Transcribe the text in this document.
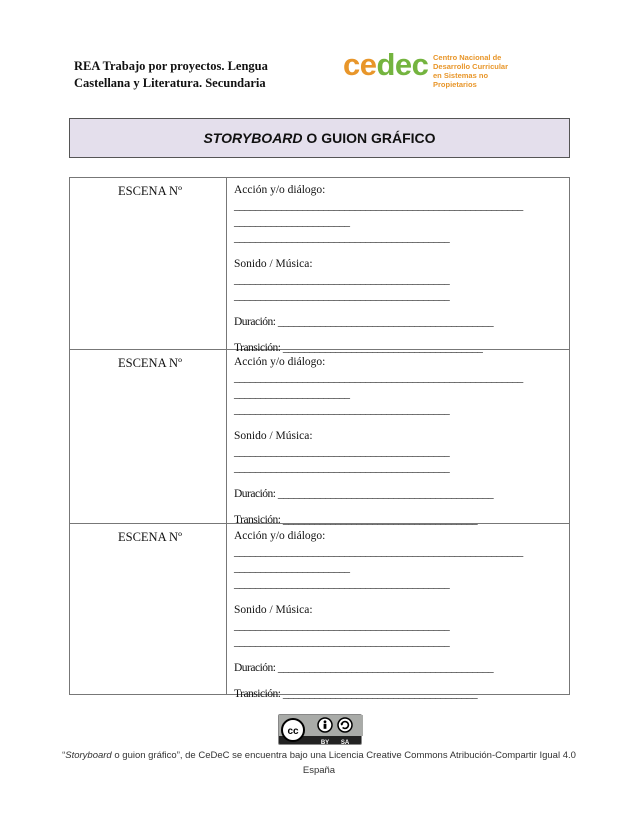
REA Trabajo por proyectos. Lengua Castellana y Literatura. Secundaria
cedec Centro Nacional de
Desarrollo Curricular
en Sistemas no Propietarios
STORYBOARD O GUION GRÁFICO
ESCENA Nº	Acción y/o diálogo:
_______________________________________________________
______________________
_________________________________________
Sonido / Música:
_________________________________________
_________________________________________
Duración: _________________________________________
Transición: ______________________________________
ESCENA Nº	Acción y/o diálogo:
_______________________________________________________
______________________
_________________________________________
Sonido / Música:
_________________________________________
_________________________________________
Duración: _________________________________________
Transición: _____________________________________
ESCENA Nº	Acción y/o diálogo:
_______________________________________________________
______________________
_________________________________________
Sonido / Música:
_________________________________________
_________________________________________
Duración: _________________________________________
Transición: _____________________________________
cc
BY SA
“Storyboard o guion gráfico”, de CeDeC se encuentra bajo una Licencia Creative Commons Atribución-Compartir Igual 4.0 España
